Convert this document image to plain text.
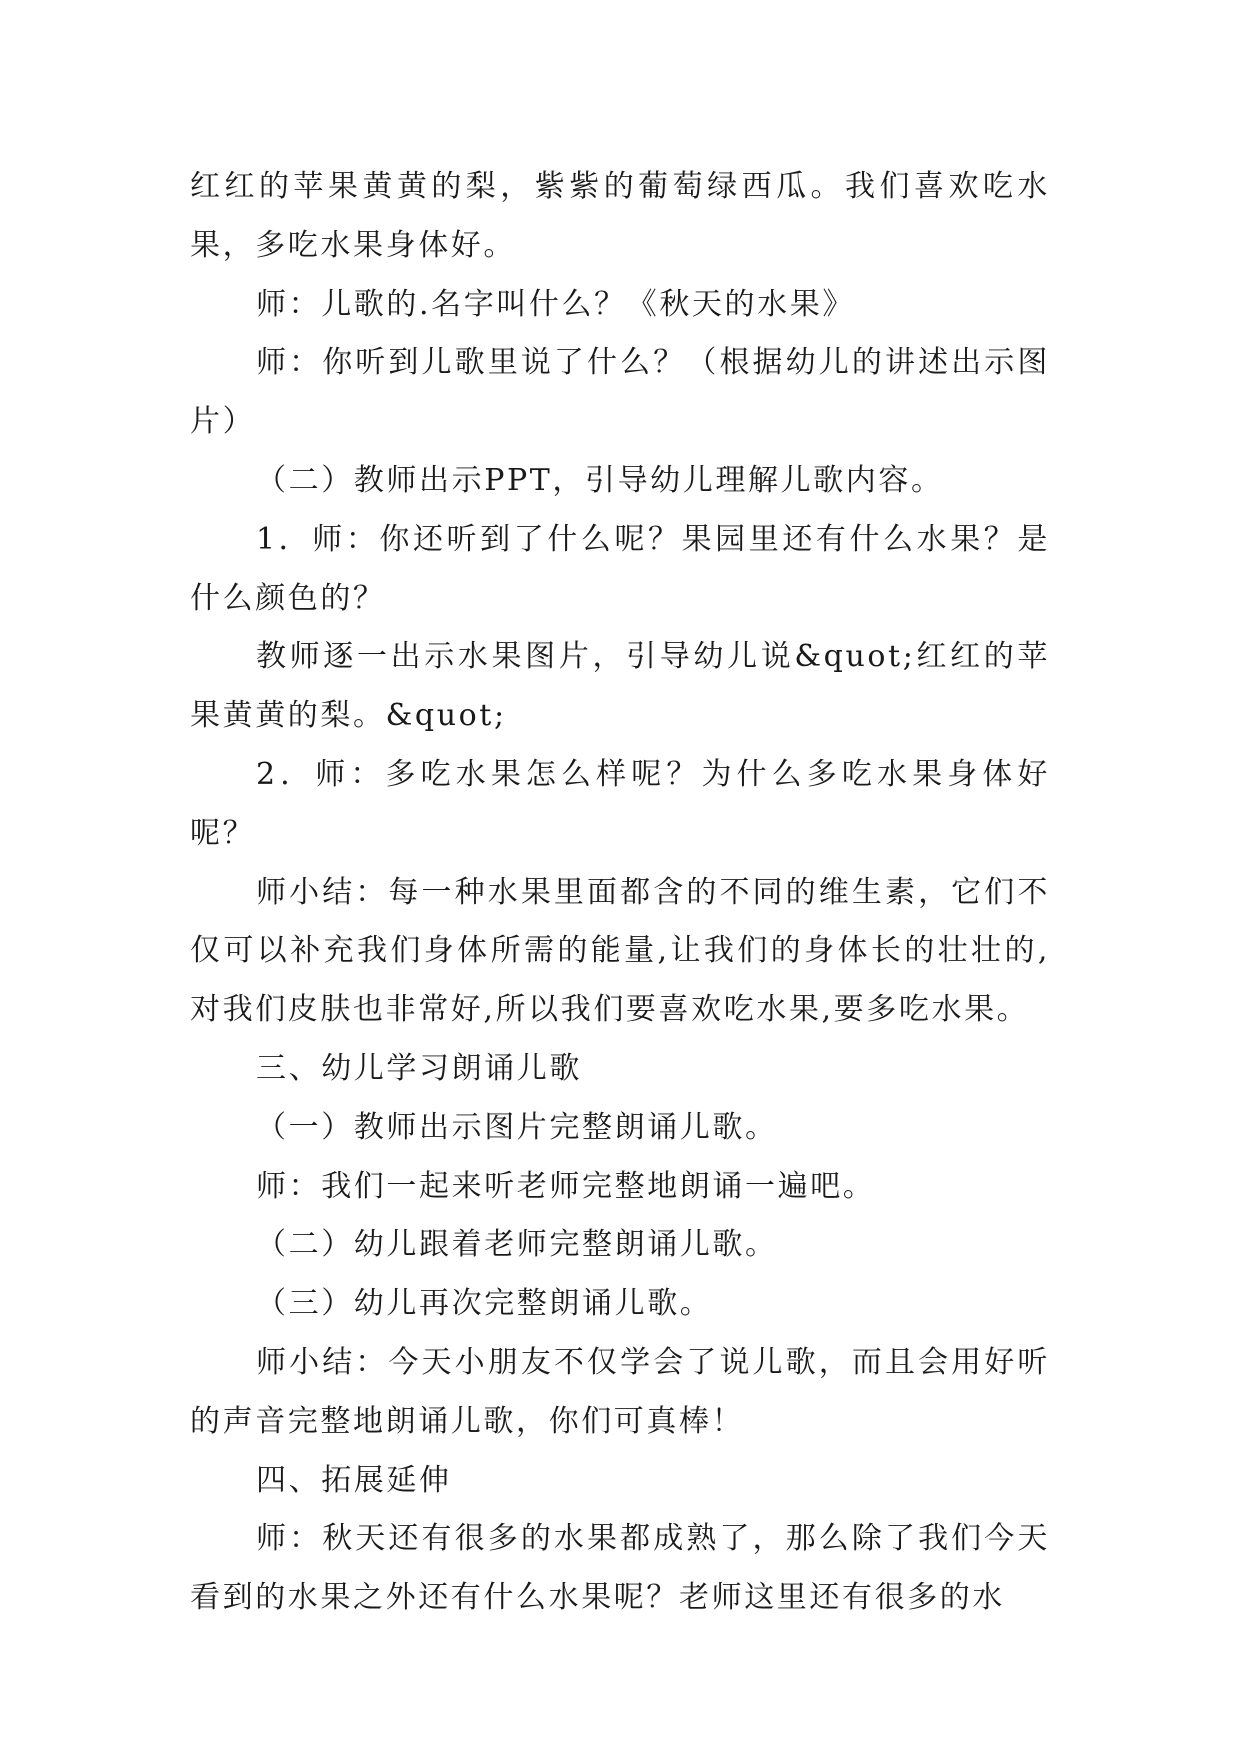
红红的苹果黄黄的梨，紫紫的葡萄绿西瓜。我们喜欢吃水果，多吃水果身体好。

师：儿歌的.名字叫什么？《秋天的水果》

师：你听到儿歌里说了什么？（根据幼儿的讲述出示图片）

（二）教师出示PPT，引导幼儿理解儿歌内容。

1．师：你还听到了什么呢？果园里还有什么水果？是什么颜色的？

教师逐一出示水果图片，引导幼儿说&quot;红红的苹果黄黄的梨。&quot;

2．师：多吃水果怎么样呢？为什么多吃水果身体好呢？

师小结：每一种水果里面都含的不同的维生素，它们不仅可以补充我们身体所需的能量,让我们的身体长的壮壮的,对我们皮肤也非常好,所以我们要喜欢吃水果,要多吃水果。

三、幼儿学习朗诵儿歌

（一）教师出示图片完整朗诵儿歌。

师：我们一起来听老师完整地朗诵一遍吧。

（二）幼儿跟着老师完整朗诵儿歌。

（三）幼儿再次完整朗诵儿歌。

师小结：今天小朋友不仅学会了说儿歌，而且会用好听的声音完整地朗诵儿歌，你们可真棒！

四、拓展延伸

师：秋天还有很多的水果都成熟了，那么除了我们今天看到的水果之外还有什么水果呢？老师这里还有很多的水
